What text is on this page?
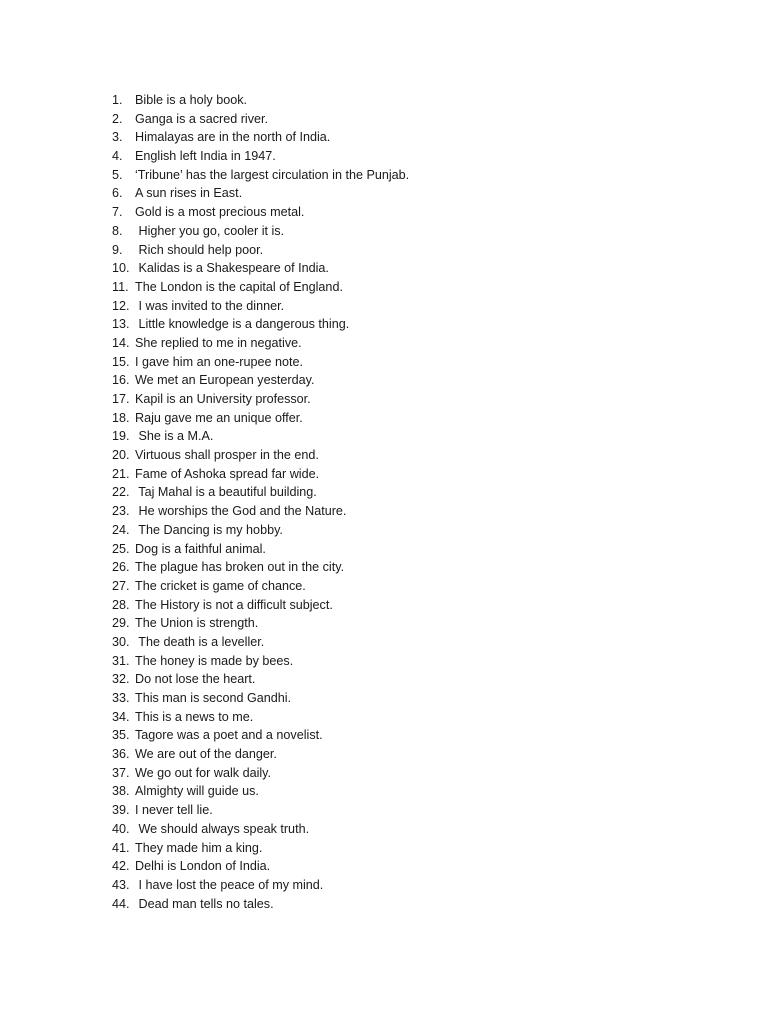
1. Bible is a holy book.
2. Ganga is a sacred river.
3. Himalayas are in the north of India.
4. English left India in 1947.
5. ‘Tribune’ has the largest circulation in the Punjab.
6. A sun rises in East.
7. Gold is a most precious metal.
8. Higher you go, cooler it is.
9. Rich should help poor.
10. Kalidas is a Shakespeare of India.
11. The London is the capital of England.
12. I was invited to the dinner.
13. Little knowledge is a dangerous thing.
14. She replied to me in negative.
15. I gave him an one-rupee note.
16. We met an European yesterday.
17. Kapil is an University professor.
18. Raju gave me an unique offer.
19. She is a M.A.
20. Virtuous shall prosper in the end.
21. Fame of Ashoka spread far wide.
22. Taj Mahal is a beautiful building.
23. He worships the God and the Nature.
24. The Dancing is my hobby.
25. Dog is a faithful animal.
26. The plague has broken out in the city.
27. The cricket is game of chance.
28. The History is not a difficult subject.
29. The Union is strength.
30. The death is a leveller.
31. The honey is made by bees.
32. Do not lose the heart.
33. This man is second Gandhi.
34. This is a news to me.
35. Tagore was a poet and a novelist.
36. We are out of the danger.
37. We go out for walk daily.
38. Almighty will guide us.
39. I never tell lie.
40. We should always speak truth.
41. They made him a king.
42. Delhi is London of India.
43. I have lost the peace of my mind.
44. Dead man tells no tales.
